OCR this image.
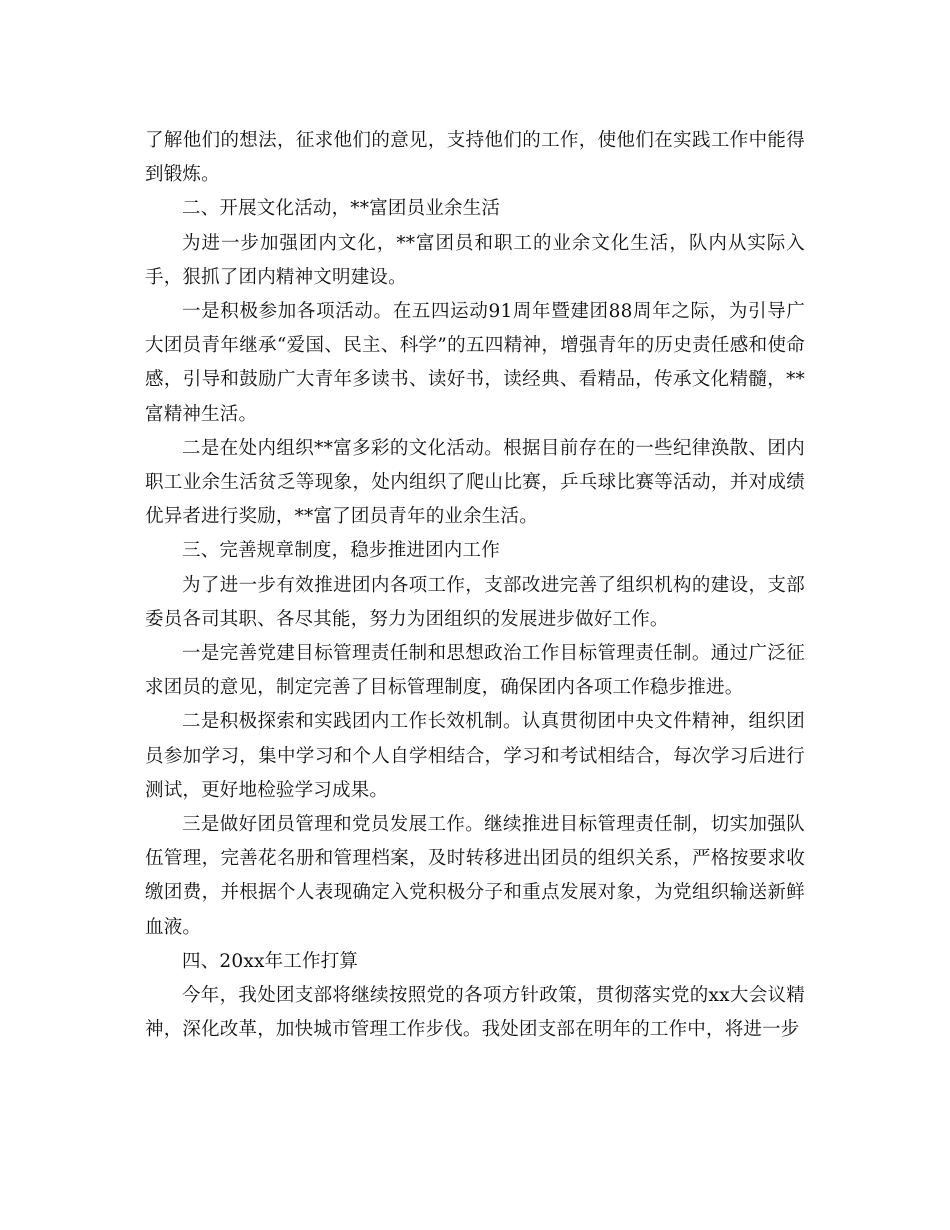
了解他们的想法，征求他们的意见，支持他们的工作，使他们在实践工作中能得到锻炼。

二、开展文化活动，**富团员业余生活

为进一步加强团内文化，**富团员和职工的业余文化生活，队内从实际入手，狠抓了团内精神文明建设。

一是积极参加各项活动。在五四运动91周年暨建团88周年之际，为引导广大团员青年继承“爱国、民主、科学”的五四精神，增强青年的历史责任感和使命感，引导和鼓励广大青年多读书、读好书，读经典、看精品，传承文化精髓，**富精神生活。

二是在处内组织**富多彩的文化活动。根据目前存在的一些纪律涣散、团内职工业余生活贫乏等现象，处内组织了爬山比赛，乒乓球比赛等活动，并对成绩优异者进行奖励，**富了团员青年的业余生活。

三、完善规章制度，稳步推进团内工作

为了进一步有效推进团内各项工作，支部改进完善了组织机构的建设，支部委员各司其职、各尽其能，努力为团组织的发展进步做好工作。

一是完善党建目标管理责任制和思想政治工作目标管理责任制。通过广泛征求团员的意见，制定完善了目标管理制度，确保团内各项工作稳步推进。

二是积极探索和实践团内工作长效机制。认真贯彻团中央文件精神，组织团员参加学习，集中学习和个人自学相结合，学习和考试相结合，每次学习后进行测试，更好地检验学习成果。

三是做好团员管理和党员发展工作。继续推进目标管理责任制，切实加强队伍管理，完善花名册和管理档案，及时转移进出团员的组织关系，严格按要求收缴团费，并根据个人表现确定入党积极分子和重点发展对象，为党组织输送新鲜血液。

四、20xx年工作打算

今年，我处团支部将继续按照党的各项方针政策，贯彻落实党的xx大会议精神，深化改革，加快城市管理工作步伐。我处团支部在明年的工作中，将进一步
